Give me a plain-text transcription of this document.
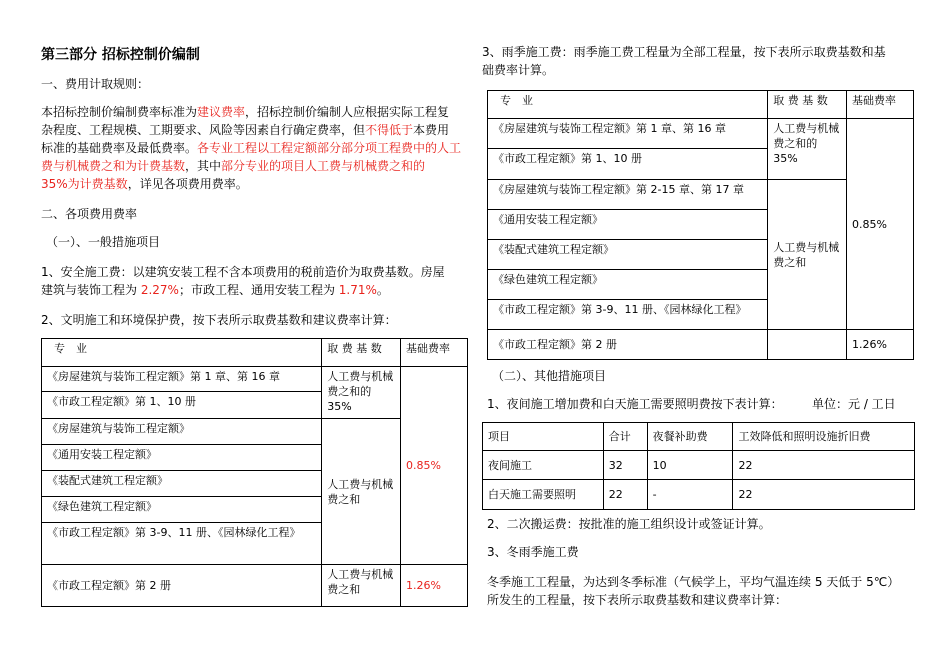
第三部分 招标控制价编制
一、费用计取规则：
本招标控制价编制费率标准为建议费率，招标控制价编制人应根据实际工程复
杂程度、工程规模、工期要求、风险等因素自行确定费率，但不得低于本费用
标准的基础费率及最低费率。各专业工程以工程定额部分部分项工程费中的人工
费与机械费之和为计费基数，其中部分专业的项目人工费与机械费之和的
35%为计费基数，详见各项费用费率。
二、各项费用费率
（一）、一般措施项目
1、安全施工费：以建筑安装工程不含本项费用的税前造价为取费基数。房屋
建筑与装饰工程为 2.27%；市政工程、通用安装工程为 1.71%。
2、文明施工和环境保护费，按下表所示取费基数和建议费率计算：
专　业	取 费 基 数	基础费率
《房屋建筑与装饰工程定额》第 1 章、第 16 章	人工费与机械费之和的 35%	0.85%
《市政工程定额》第 1、10 册		
《房屋建筑与装饰工程定额》	人工费与机械费之和	
《通用安装工程定额》		
《装配式建筑工程定额》		
《绿色建筑工程定额》		
《市政工程定额》第 3-9、11 册、《园林绿化工程》		
《市政工程定额》第 2 册	人工费与机械费之和	1.26%
3、雨季施工费：雨季施工费工程量为全部工程量，按下表所示取费基数和基
础费率计算。
专　业	取 费 基 数	基础费率
《房屋建筑与装饰工程定额》第 1 章、第 16 章	人工费与机械费之和的 35%	0.85%
《市政工程定额》第 1、10 册		
《房屋建筑与装饰工程定额》第 2-15 章、第 17 章	人工费与机械费之和	
《通用安装工程定额》		
《装配式建筑工程定额》		
《绿色建筑工程定额》		
《市政工程定额》第 3-9、11 册、《园林绿化工程》		
《市政工程定额》第 2 册		1.26%
（二）、其他措施项目
1、夜间施工增加费和白天施工需要照明费按下表计算： 单位：元 / 工日
项目	合计	夜餐补助费	工效降低和照明设施折旧费
夜间施工	32	10	22
白天施工需要照明	22	-	22
2、二次搬运费：按批准的施工组织设计或签证计算。
3、冬雨季施工费
冬季施工工程量，为达到冬季标准（气候学上，平均气温连续 5 天低于 5℃）
所发生的工程量，按下表所示取费基数和建议费率计算：
